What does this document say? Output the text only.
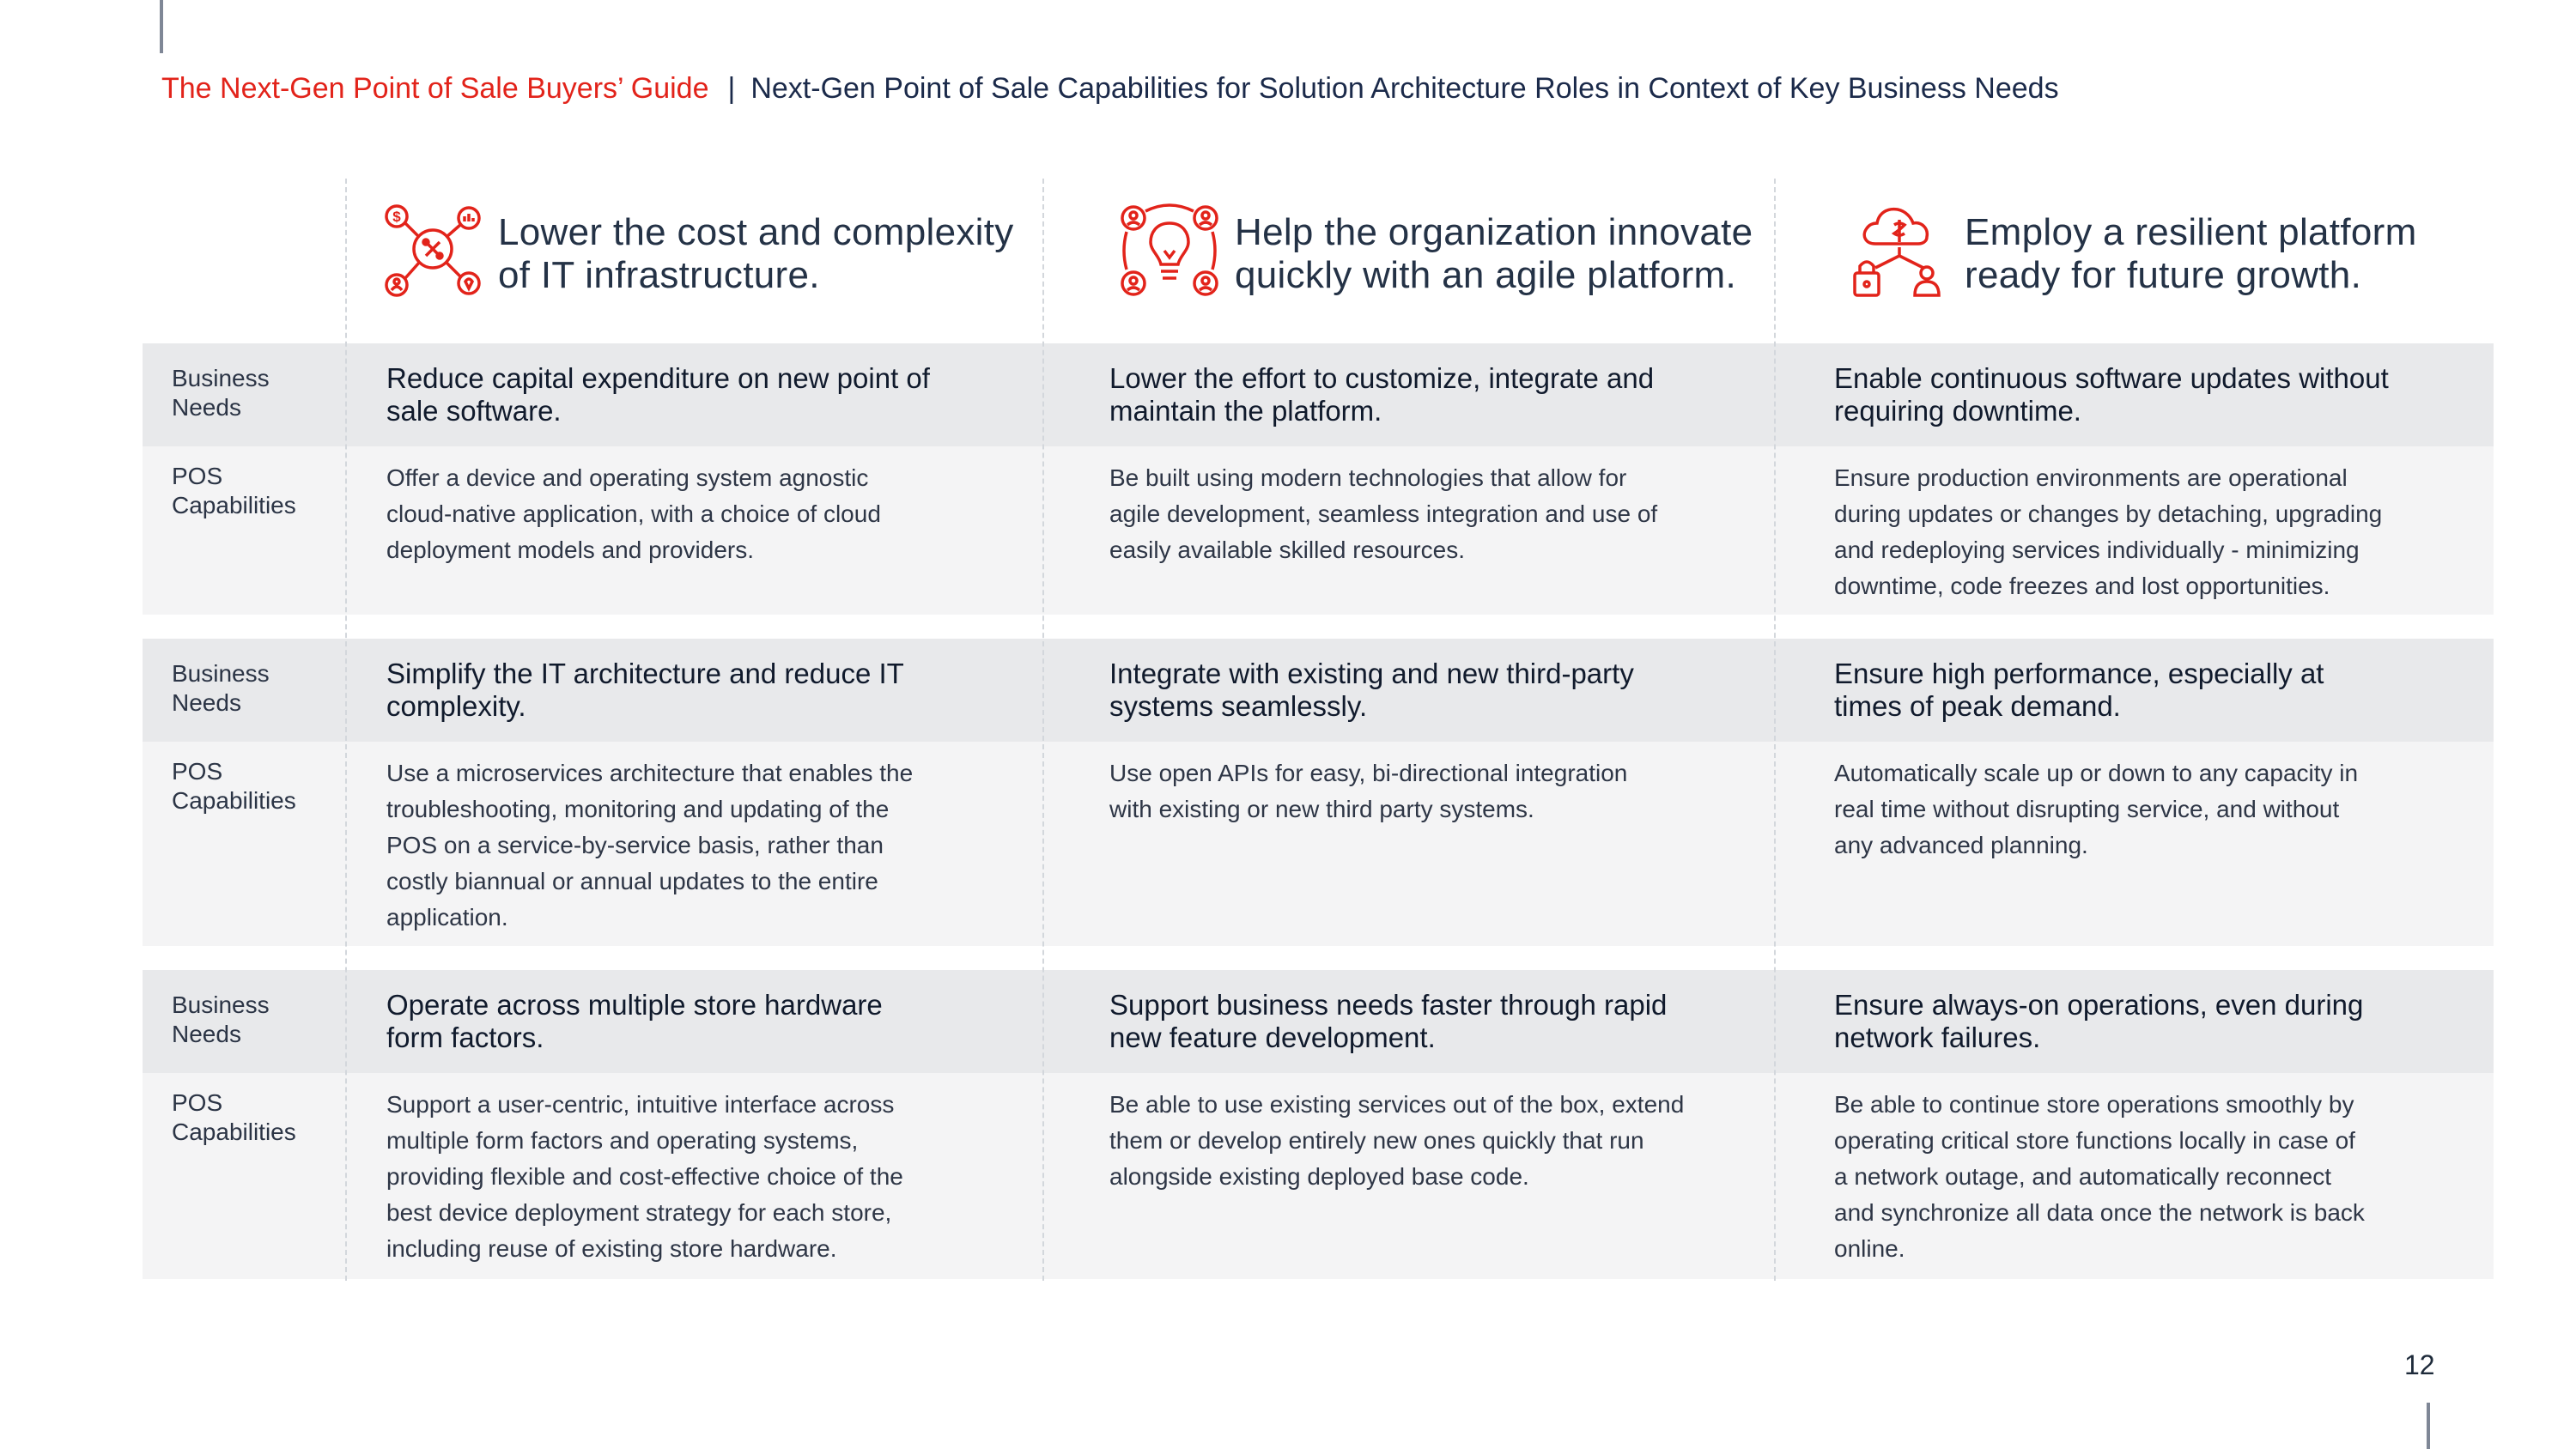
The Next-Gen Point of Sale Buyers’ Guide | Next-Gen Point of Sale Capabilities for Solution Architecture Roles in Context of Key Business Needs
$	Lower the cost and complexity
of IT infrastructure.
Help the organization innovate
quickly with an agile platform.
Employ a resilient platform
ready for future growth.
Business
Needs
POS
Capabilities
Reduce capital expenditure on new point of
sale software.
Lower the effort to customize, integrate and
maintain the platform.
Enable continuous software updates without
requiring downtime.
Offer a device and operating system agnostic
cloud-native application, with a choice of cloud
deployment models and providers.
Be built using modern technologies that allow for
agile development, seamless integration and use of
easily available skilled resources.
Ensure production environments are operational
during updates or changes by detaching, upgrading
and redeploying services individually - minimizing
downtime, code freezes and lost opportunities.
Business
Needs
POS
Capabilities
Simplify the IT architecture and reduce IT
complexity.
Integrate with existing and new third-party
systems seamlessly.
Ensure high performance, especially at
times of peak demand.
Use a microservices architecture that enables the
troubleshooting, monitoring and updating of the
POS on a service-by-service basis, rather than
costly biannual or annual updates to the entire
application.
Use open APIs for easy, bi-directional integration
with existing or new third party systems.
Automatically scale up or down to any capacity in
real time without disrupting service, and without
any advanced planning.
Business
Needs
POS
Capabilities
Operate across multiple store hardware
form factors.
Support business needs faster through rapid
new feature development.
Ensure always-on operations, even during
network failures.
Support a user-centric, intuitive interface across
multiple form factors and operating systems,
providing flexible and cost-effective choice of the
best device deployment strategy for each store,
including reuse of existing store hardware.
Be able to use existing services out of the box, extend
them or develop entirely new ones quickly that run
alongside existing deployed base code.
Be able to continue store operations smoothly by
operating critical store functions locally in case of
a network outage, and automatically reconnect
and synchronize all data once the network is back
online.
12
